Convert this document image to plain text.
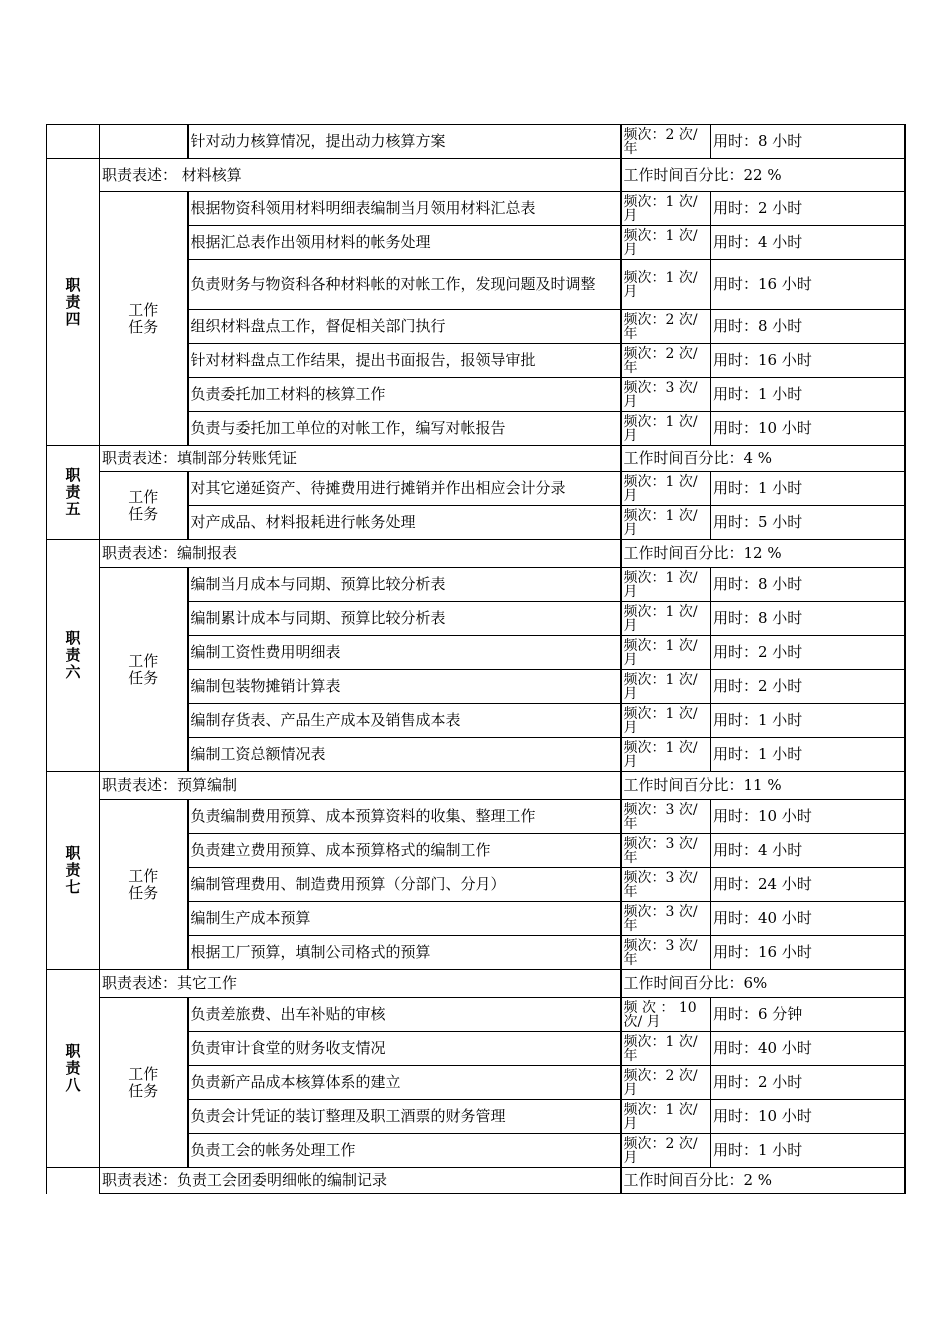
		针对动力核算情况，提出动力核算方案	频次：2 次/ 年	用时：8 小时
职责四	职责表述： 材料核算		工作时间百分比：22 %	
	工作任务	根据物资科领用材料明细表编制当月领用材料汇总表	频次：1 次/月	用时：2 小时
		根据汇总表作出领用材料的帐务处理	频次：1 次/ 月	用时：4 小时
		负责财务与物资科各种材料帐的对帐工作，发现问题及时调整	频次：1 次/ 月	用时：16 小时
		组织材料盘点工作，督促相关部门执行	频次：2 次/ 年	用时：8 小时
		针对材料盘点工作结果，提出书面报告，报领导审批	频次：2 次/ 年	用时：16 小时
		负责委托加工材料的核算工作	频次：3 次/ 月	用时：1 小时
		负责与委托加工单位的对帐工作，编写对帐报告	频次：1 次/ 月	用时：10 小时
职责五	职责表述：填制部分转账凭证		工作时间百分比：4 %	
	工作任务	对其它递延资产、待摊费用进行摊销并作出相应会计分录	频次：1 次/ 月	用时：1 小时
		对产成品、材料报耗进行帐务处理	频次：1 次/ 月	用时：5 小时
职责六	职责表述：编制报表		工作时间百分比：12 %	
	工作任务	编制当月成本与同期、预算比较分析表	频次：1 次/月	用时：8 小时
		编制累计成本与同期、预算比较分析表	频次：1 次/ 月	用时：8 小时
		编制工资性费用明细表	频次：1 次/ 月	用时：2 小时
		编制包装物摊销计算表	频次：1 次/ 月	用时：2 小时
		编制存货表、产品生产成本及销售成本表	频次：1 次/ 月	用时：1 小时
		编制工资总额情况表	频次：1 次/ 月	用时：1 小时
职责七	职责表述：预算编制		工作时间百分比：11 %	
	工作任务	负责编制费用预算、成本预算资料的收集、整理工作	频次：3 次/ 年	用时：10 小时
		负责建立费用预算、成本预算格式的编制工作	频次：3 次/ 年	用时：4 小时
		编制管理费用、制造费用预算（分部门、分月）	频次：3 次/ 年	用时：24 小时
		编制生产成本预算	频次：3 次/ 年	用时：40 小时
		根据工厂预算，填制公司格式的预算	频次：3 次/ 年	用时：16 小时
职责八	职责表述：其它工作		工作时间百分比：6%	
	工作任务	负责差旅费、出车补贴的审核	频 次 ： 10 次/ 月	用时：6 分钟
		负责审计食堂的财务收支情况	频次：1 次/ 年	用时：40 小时
		负责新产品成本核算体系的建立	频次：2 次/ 月	用时：2 小时
		负责会计凭证的装订整理及职工酒票的财务管理	频次：1 次/ 月	用时：10 小时
		负责工会的帐务处理工作	频次：2 次/ 月	用时：1 小时
	职责表述：负责工会团委明细帐的编制记录		工作时间百分比：2 %	
